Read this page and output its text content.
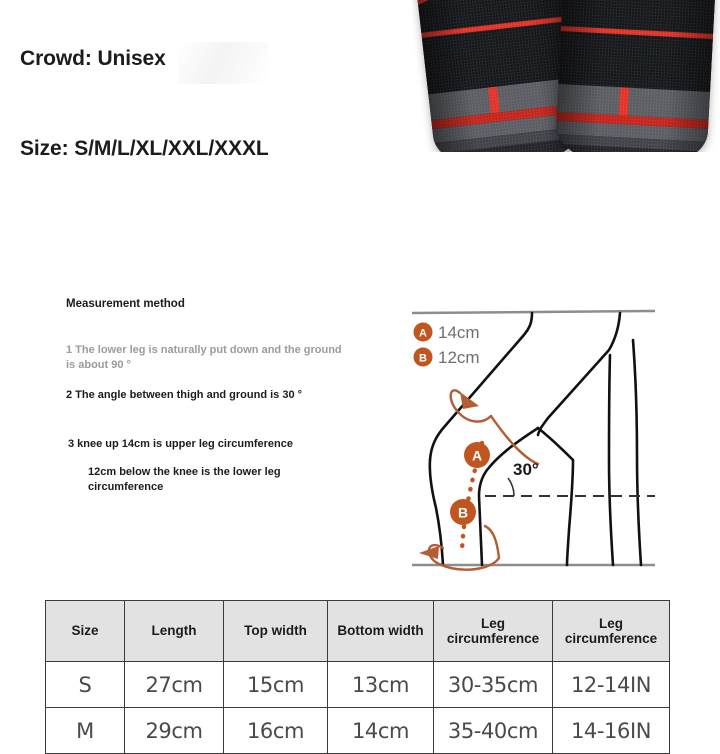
Crowd: Unisex
Size: S/M/L/XL/XXL/XXXL
Measurement method
1 The lower leg is naturally put down and the ground is about 90 °
2 The angle between thigh and ground is 30 °
3 knee up 14cm is upper leg circumference
12cm below the knee is the lower leg circumference
A
B
30°
A 14cm
B 12cm
Size	Length	Top width	Bottom width	Leg circumference	Leg circumference
S	27cm	15cm	13cm	30-35cm	12-14IN
M	29cm	16cm	14cm	35-40cm	14-16IN
